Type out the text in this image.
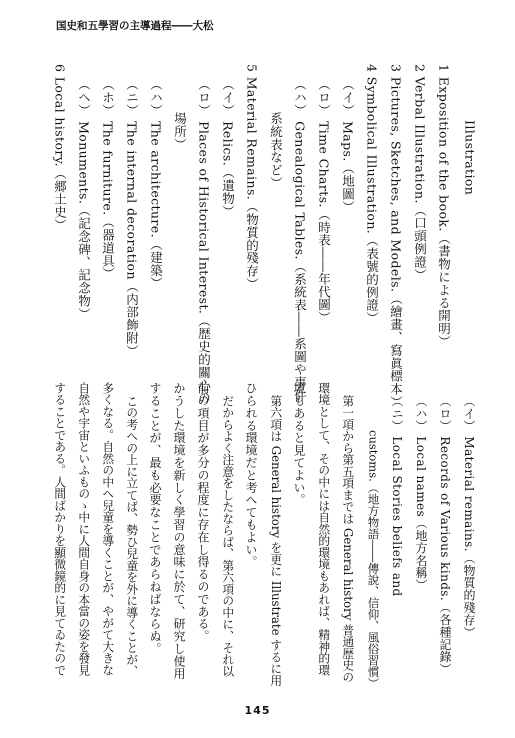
国史和五學習の主導過程――大松
Illustration
1 Exposition of the book.（書物による開明）
2 Verbal Illustration.（口頭例證）
3 Pictures, Sketches, and Models.（繪畫、寫眞標本）
4 Symbolical Illustration.（表號的例證）
（イ） Maps.（地圖）
（ロ） Time Charts.（時表――年代圖）
（ハ） Genealogical Tables.（系統表――系圖や事件
系統表など）
5 Material Remains.（物質的殘存）
（イ） Relics.（遺物）
（ロ） Places of Historical Interest.（歴史的關心の
場所）
（ハ） The architecture.（建築）
（ニ） The internal decoration（内部飾附）
（ホ） The furniture.（器道具）
（ヘ） Monuments.（記念碑、記念物）
6 Local history.（郷土史）
（イ） Material remains.（物質的殘存）
（ロ） Records of Various kinds.（各種記錄）
（ハ） Local names（地方名稱）
（ニ） Local Stories beliefs and
customs.（地方物語――傳說、信仰、風俗習慣）
第一項から第五項までは General history 普通歴史の
環境として、その中には自然的環境もあれば、精神的環
境もあると見てよい。
第六項は General history を更に Illustrate するに用
ひられる環境だと考へてもよい。
だからよく注意をしたならば、第六項の中に、それ以
前の項目が多分の程度に存在し得るのである。
かうした環境を新しく學習の意味に於て、研究し使用
することが、最も必要なことであらねばならぬ。
この考への上に立てば、勢ひ兒童を外に導くことが、
多くなる。自然の中へ兒童を導くことが、やがて大きな
自然や宇宙といふものゝ中に人間自身の本當の姿を發見
することである。人間ばかりを顯微鏡的に見てゐたので
145
